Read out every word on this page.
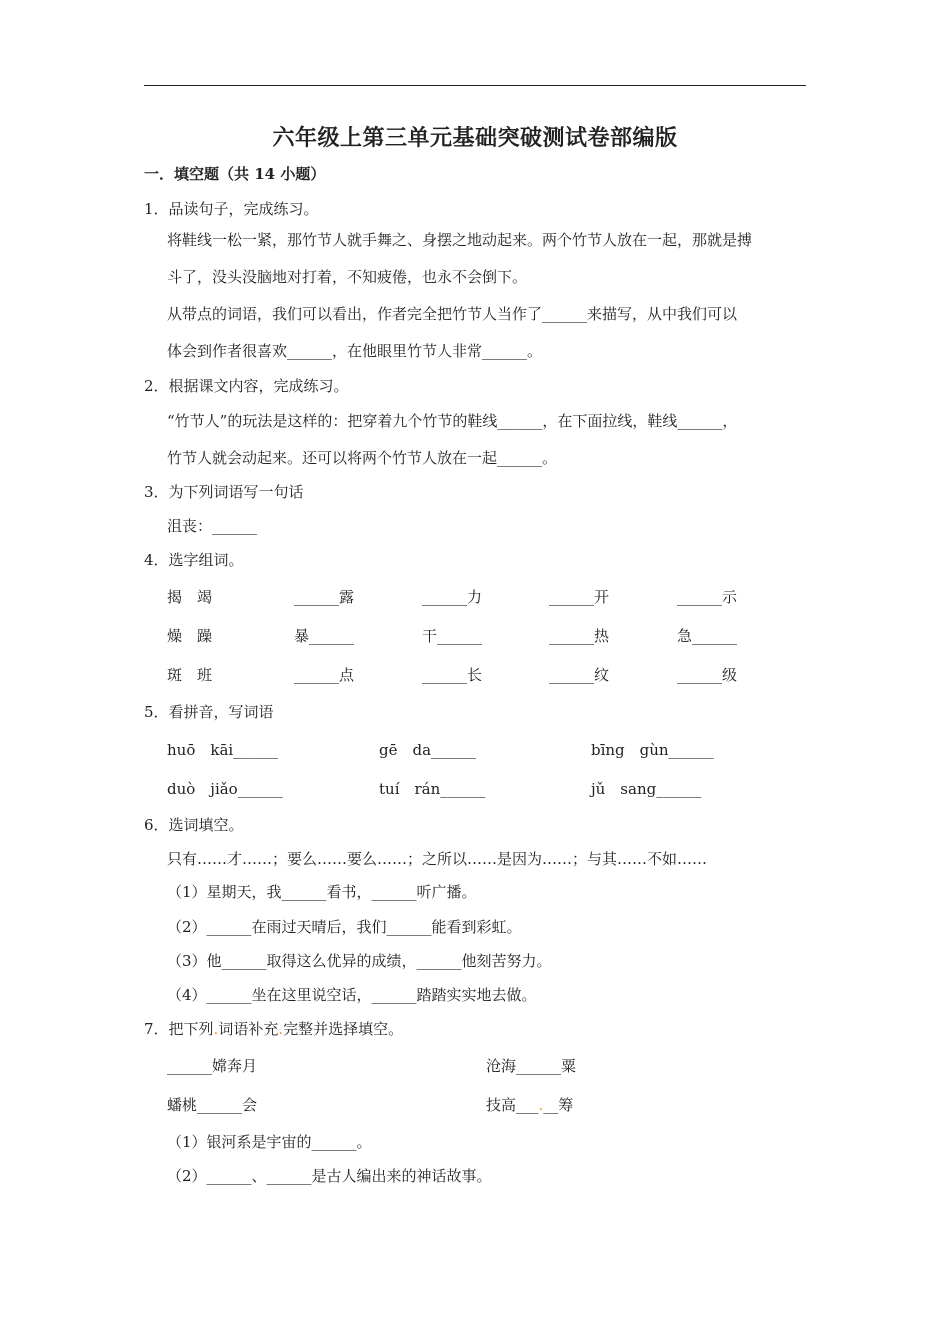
六年级上第三单元基础突破测试卷部编版
一．填空题（共 14 小题）
1．品读句子，完成练习。
将鞋线一松一紧，那竹节人就手舞之、身摆之地动起来。两个竹节人放在一起，那就是搏
斗了，没头没脑地对打着，不知疲倦，也永不会倒下。
从带点的词语，我们可以看出，作者完全把竹节人当作了______来描写，从中我们可以
体会到作者很喜欢______，在他眼里竹节人非常______。
2．根据课文内容，完成练习。
“竹节人”的玩法是这样的：把穿着九个竹节的鞋线______，在下面拉线，鞋线______，
竹节人就会动起来。还可以将两个竹节人放在一起______。
3．为下列词语写一句话
沮丧：______
4．选字组词。
揭　竭	______露	______力	______开	______示
燥　躁	暴______	干______	______热	急______
斑　班	______点	______长	______纹	______级
5．看拼音，写词语
huō　kāi______	gē　da______	bīng　gùn______
duò　jiǎo______	tuí　rán______	jǔ　sang______
6．选词填空。
只有……才……；要么……要么……；之所以……是因为……；与其……不如……
（1）星期天，我______看书，______听广播。
（2）______在雨过天晴后，我们______能看到彩虹。
（3）他______取得这么优异的成绩，______他刻苦努力。
（4）______坐在这里说空话，______踏踏实实地去做。
7．把下列.词语补充.完整并选择填空。
______嫦奔月	沧海______粟
蟠桃______会	技高___.__筹
（1）银河系是宇宙的______。
（2）______、______是古人编出来的神话故事。
